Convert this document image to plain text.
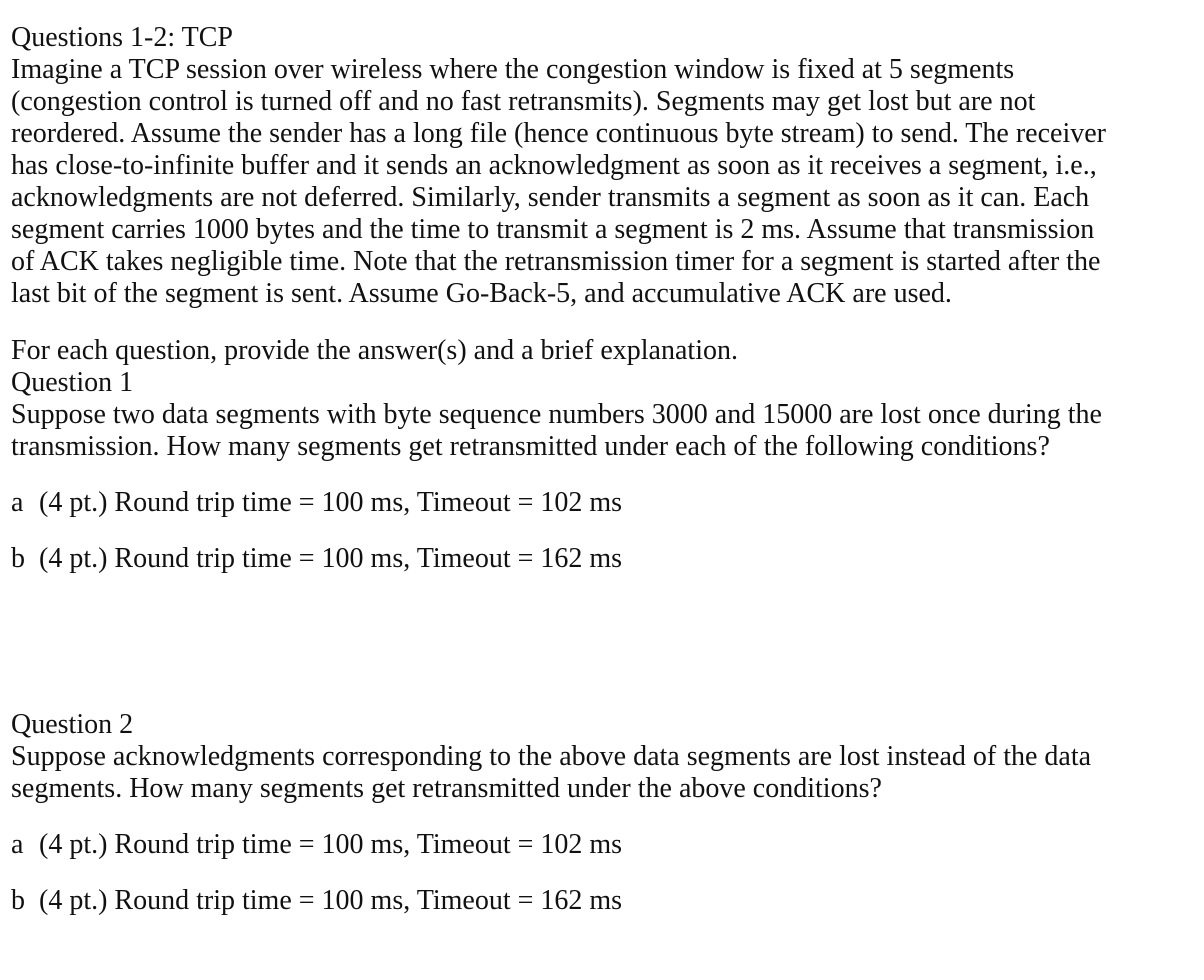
Questions 1-2: TCP
Imagine a TCP session over wireless where the congestion window is fixed at 5 segments
(congestion control is turned off and no fast retransmits). Segments may get lost but are not
reordered. Assume the sender has a long file (hence continuous byte stream) to send. The receiver
has close-to-infinite buffer and it sends an acknowledgment as soon as it receives a segment, i.e.,
acknowledgments are not deferred. Similarly, sender transmits a segment as soon as it can. Each
segment carries 1000 bytes and the time to transmit a segment is 2 ms. Assume that transmission
of ACK takes negligible time. Note that the retransmission timer for a segment is started after the
last bit of the segment is sent. Assume Go-Back-5, and accumulative ACK are used.
For each question, provide the answer(s) and a brief explanation.
Question 1
Suppose two data segments with byte sequence numbers 3000 and 15000 are lost once during the
transmission. How many segments get retransmitted under each of the following conditions?
a (4 pt.) Round trip time = 100 ms, Timeout = 102 ms
b (4 pt.) Round trip time = 100 ms, Timeout = 162 ms
Question 2
Suppose acknowledgments corresponding to the above data segments are lost instead of the data
segments. How many segments get retransmitted under the above conditions?
a (4 pt.) Round trip time = 100 ms, Timeout = 102 ms
b (4 pt.) Round trip time = 100 ms, Timeout = 162 ms
